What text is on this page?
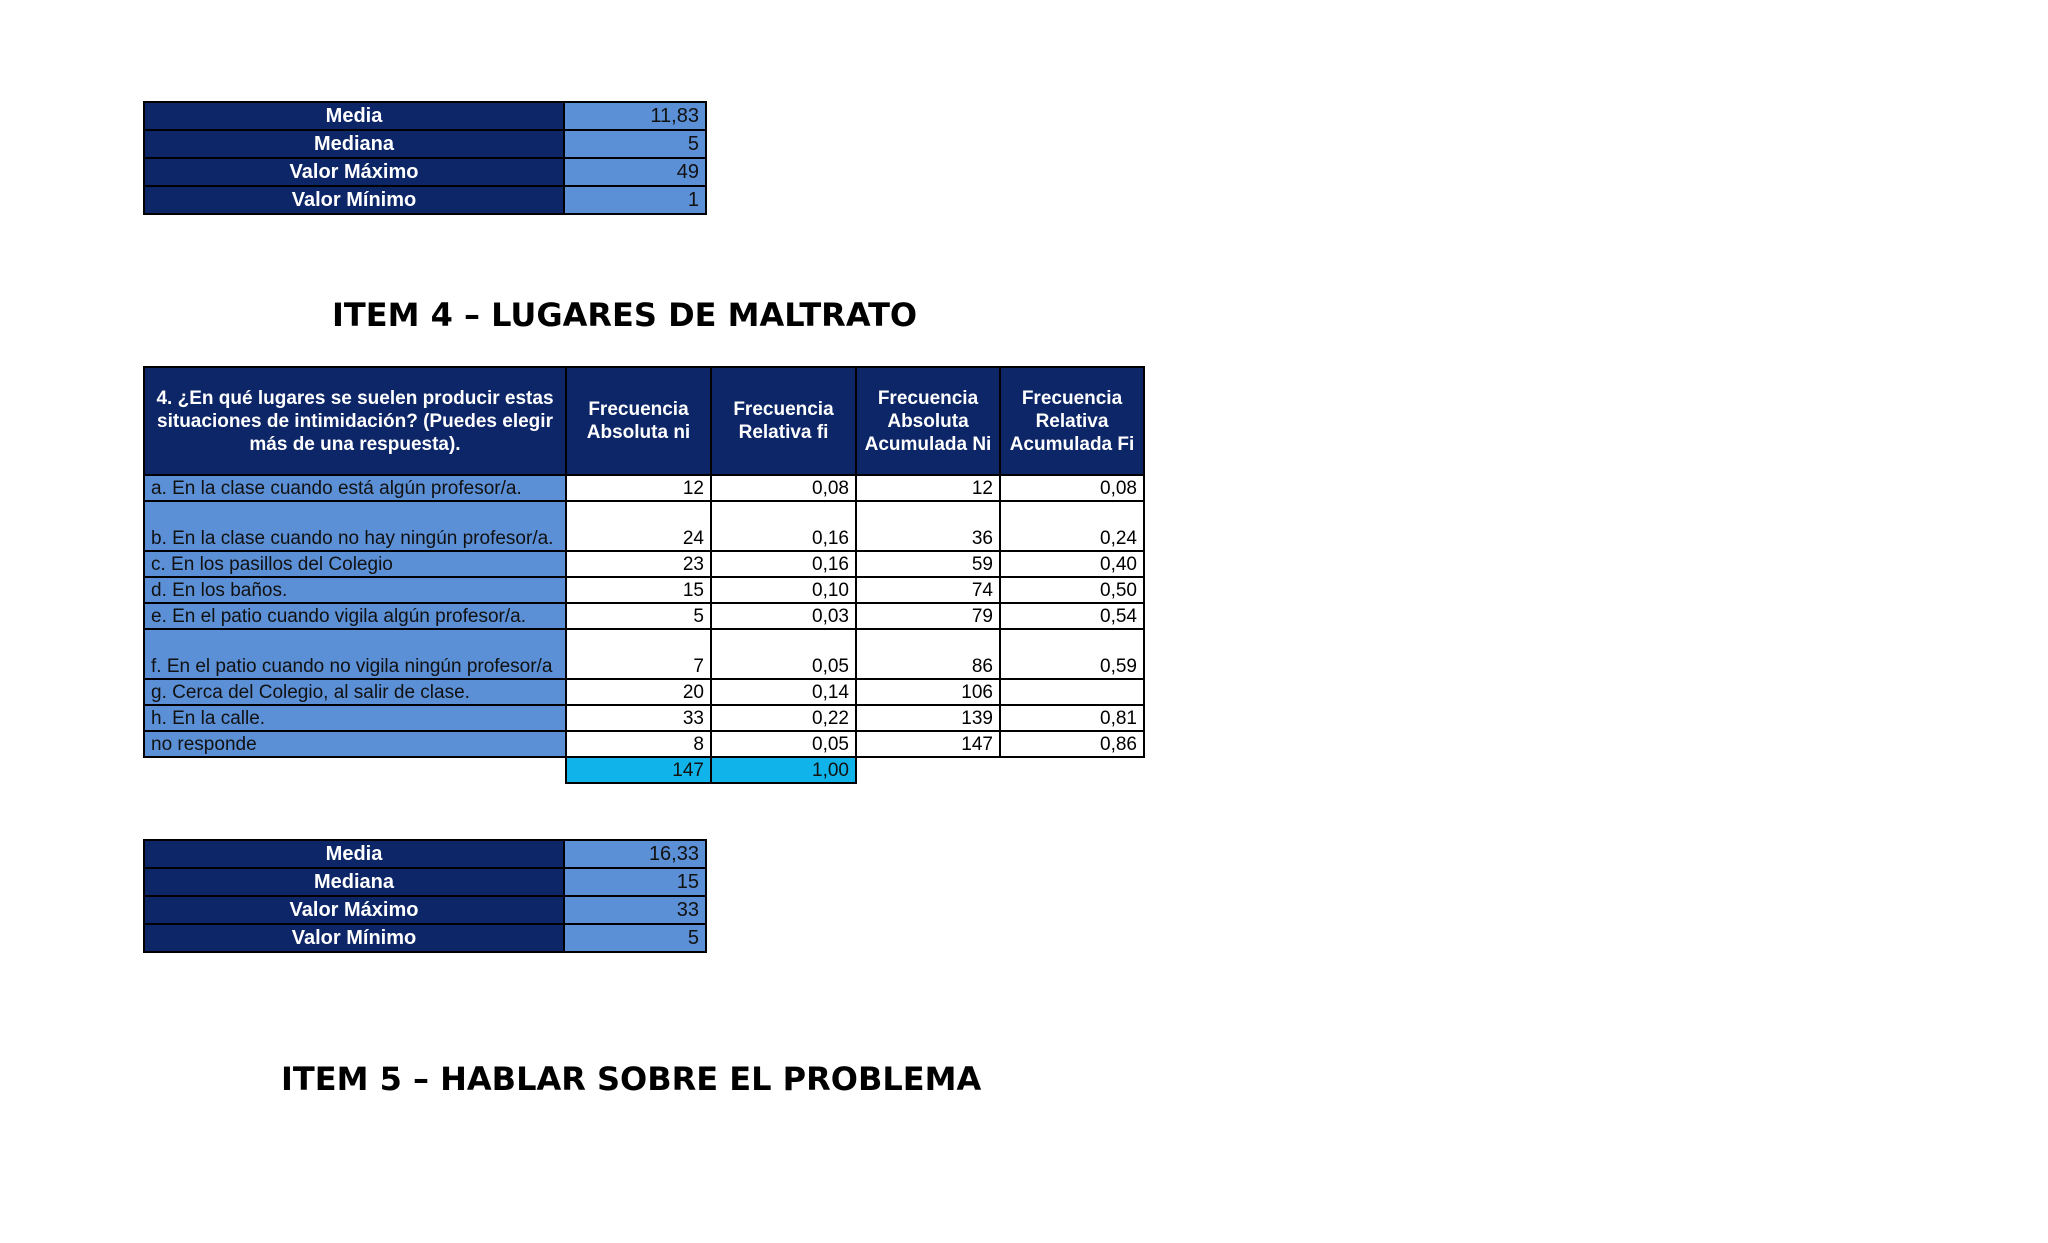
Media	11,83
Mediana	5
Valor Máximo	49
Valor Mínimo	1
ITEM 4 – LUGARES DE MALTRATO
4. ¿En qué lugares se suelen producir estas situaciones de intimidación? (Puedes elegir más de una respuesta).	Frecuencia Absoluta ni	Frecuencia Relativa fi	Frecuencia Absoluta Acumulada Ni	Frecuencia Relativa Acumulada Fi
a. En la clase cuando está algún profesor/a.	12	0,08	12	0,08
b. En la clase cuando no hay ningún profesor/a.	24	0,16	36	0,24
c. En los pasillos del Colegio	23	0,16	59	0,40
d. En los baños.	15	0,10	74	0,50
e. En el patio cuando vigila algún profesor/a.	5	0,03	79	0,54
f. En el patio cuando no vigila ningún profesor/a	7	0,05	86	0,59
g. Cerca del Colegio, al salir de clase.	20	0,14	106	
h. En la calle.	33	0,22	139	0,81
no responde	8	0,05	147	0,86
	147	1,00		
Media	16,33
Mediana	15
Valor Máximo	33
Valor Mínimo	5
ITEM 5 – HABLAR SOBRE EL PROBLEMA
